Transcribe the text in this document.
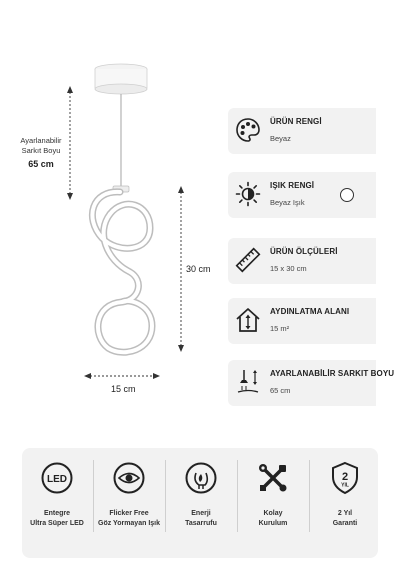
Ayarlanabilir
Sarkıt Boyu
65 cm
30 cm
15 cm
ÜRÜN RENGİ
Beyaz
IŞIK RENGİ
Beyaz Işık
ÜRÜN ÖLÇÜLERİ
15 x 30 cm
AYDINLATMA ALANI
15 m²
AYARLANABİLİR SARKIT BOYU
65 cm
LED
Entegre
Ultra Süper LED
Flicker Free
Göz Yormayan Işık
Enerji
Tasarrufu
Kolay
Kurulum
2
YIL
2 Yıl
Garanti
